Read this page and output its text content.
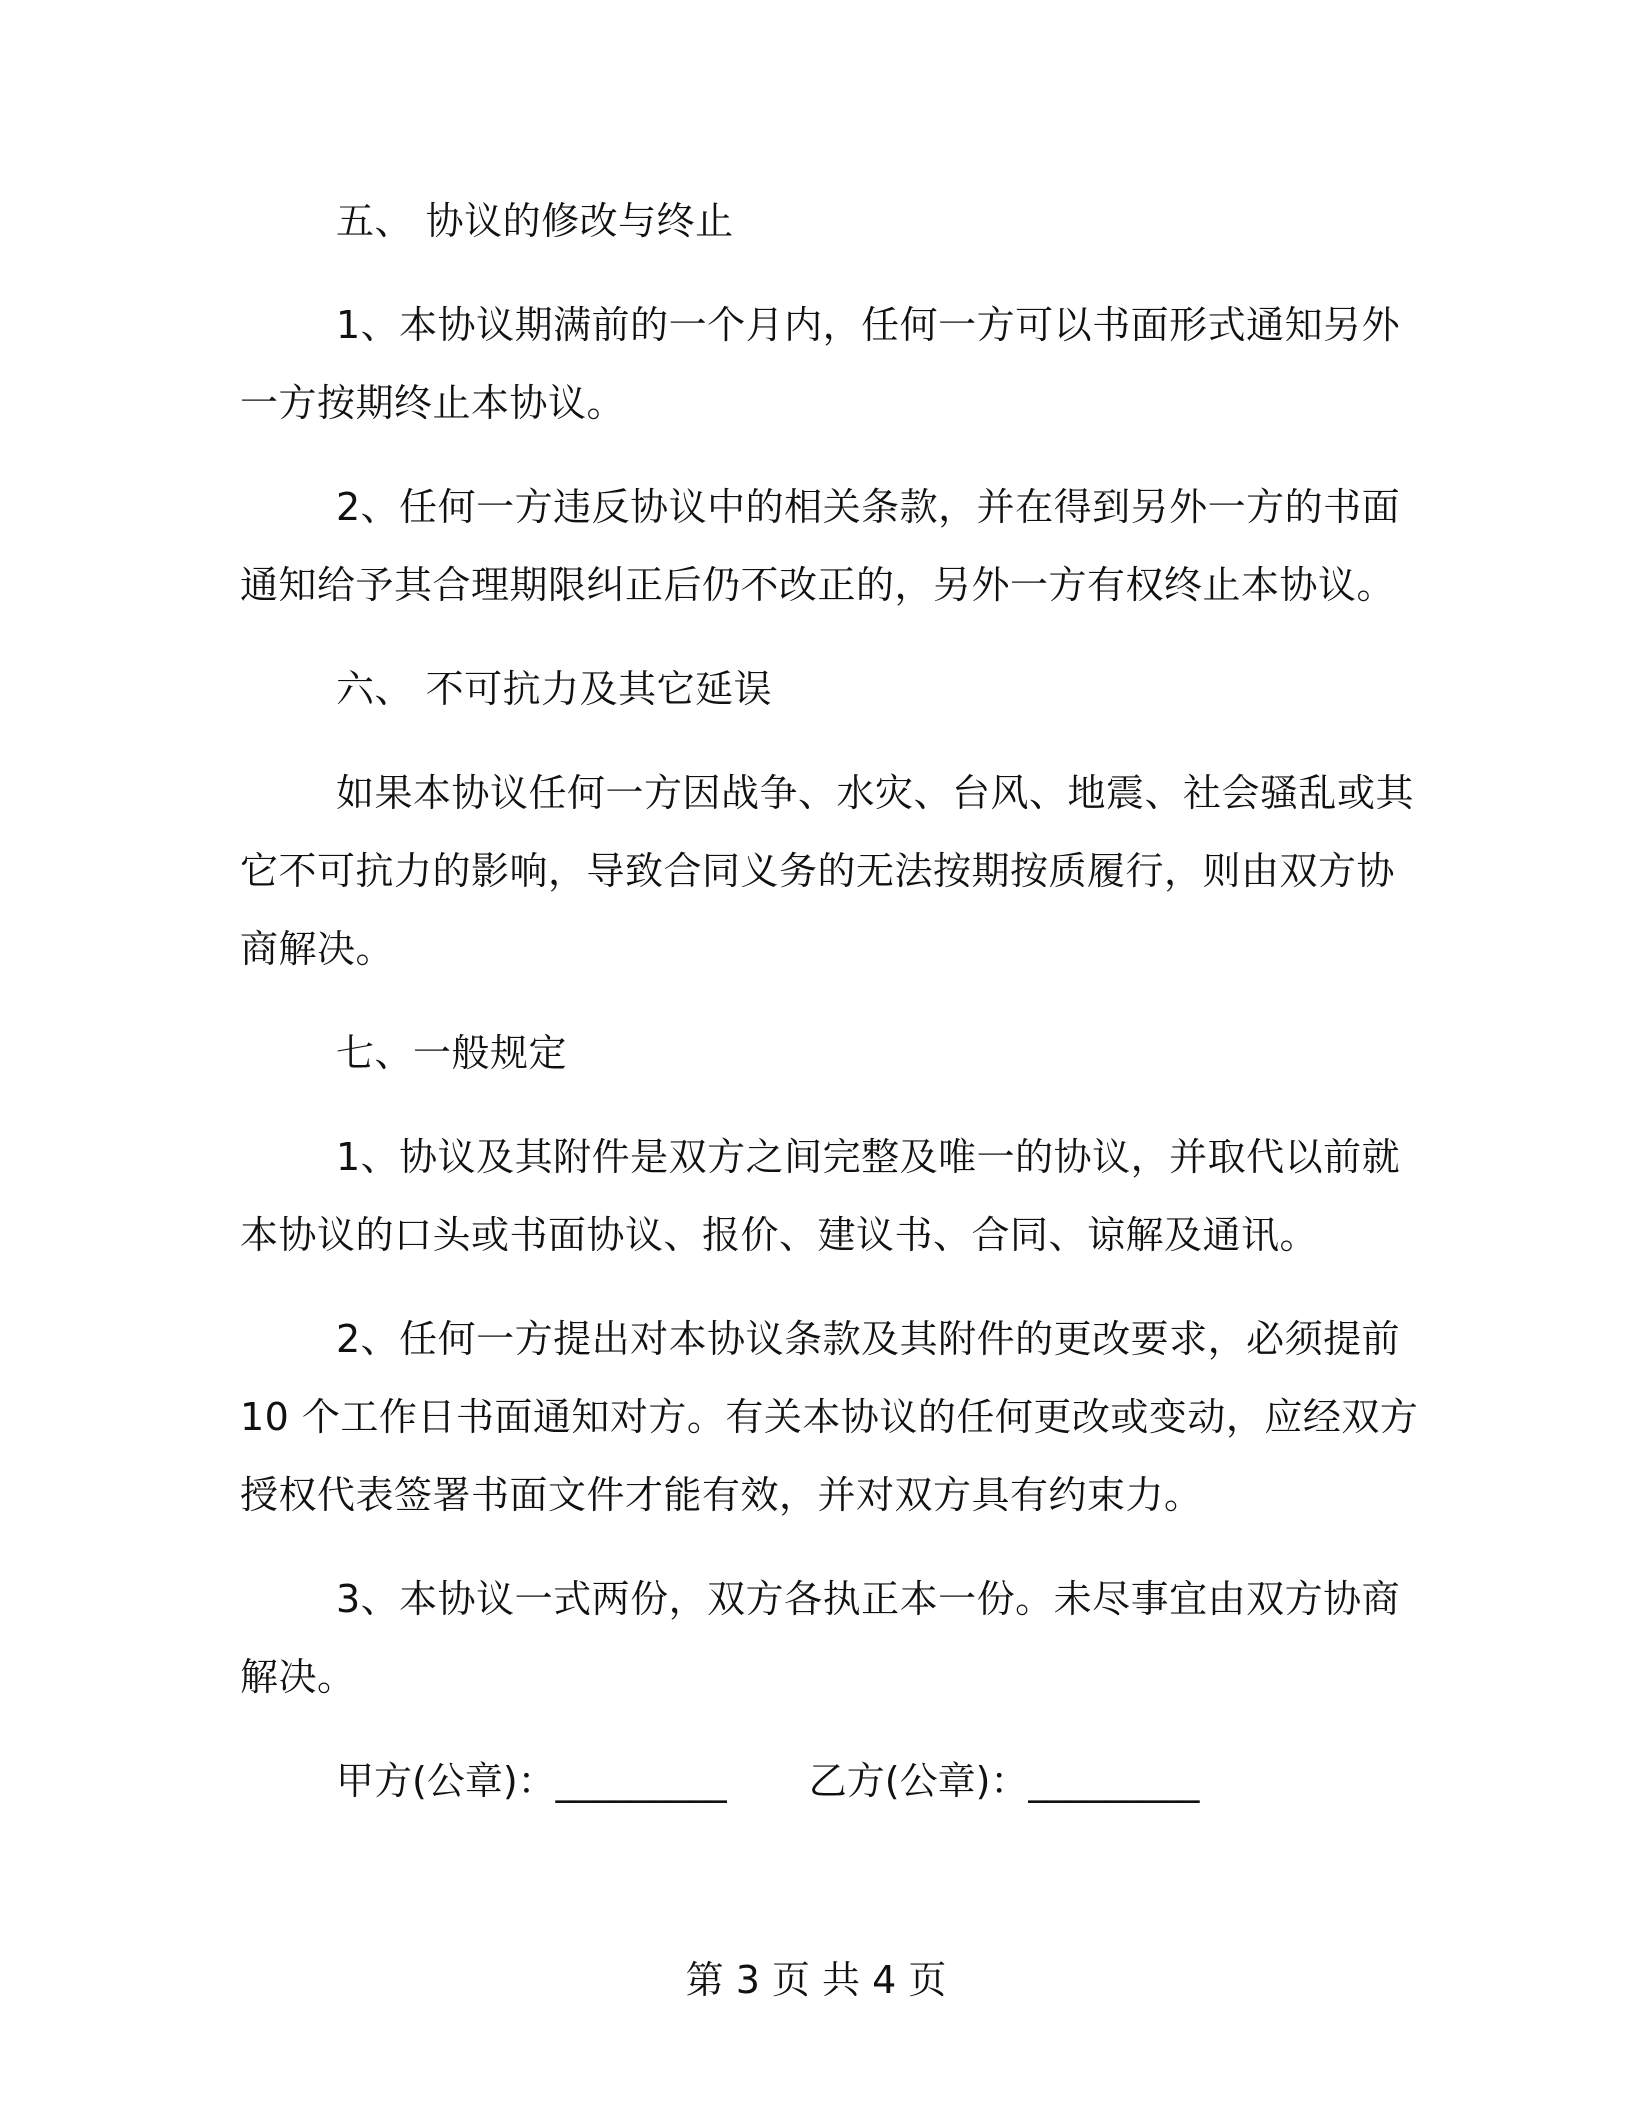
五、 协议的修改与终止
1、本协议期满前的一个月内，任何一方可以书面形式通知另外
一方按期终止本协议。
2、任何一方违反协议中的相关条款，并在得到另外一方的书面
通知给予其合理期限纠正后仍不改正的，另外一方有权终止本协议。
六、 不可抗力及其它延误
如果本协议任何一方因战争、水灾、台风、地震、社会骚乱或其
它不可抗力的影响，导致合同义务的无法按期按质履行，则由双方协
商解决。
七、一般规定
1、协议及其附件是双方之间完整及唯一的协议，并取代以前就
本协议的口头或书面协议、报价、建议书、合同、谅解及通讯。
2、任何一方提出对本协议条款及其附件的更改要求，必须提前
10 个工作日书面通知对方。有关本协议的任何更改或变动，应经双方
授权代表签署书面文件才能有效，并对双方具有约束力。
3、本协议一式两份，双方各执正本一份。未尽事宜由双方协商
解决。
甲方(公章)：_________ 乙方(公章)：_________
第 3 页 共 4 页
